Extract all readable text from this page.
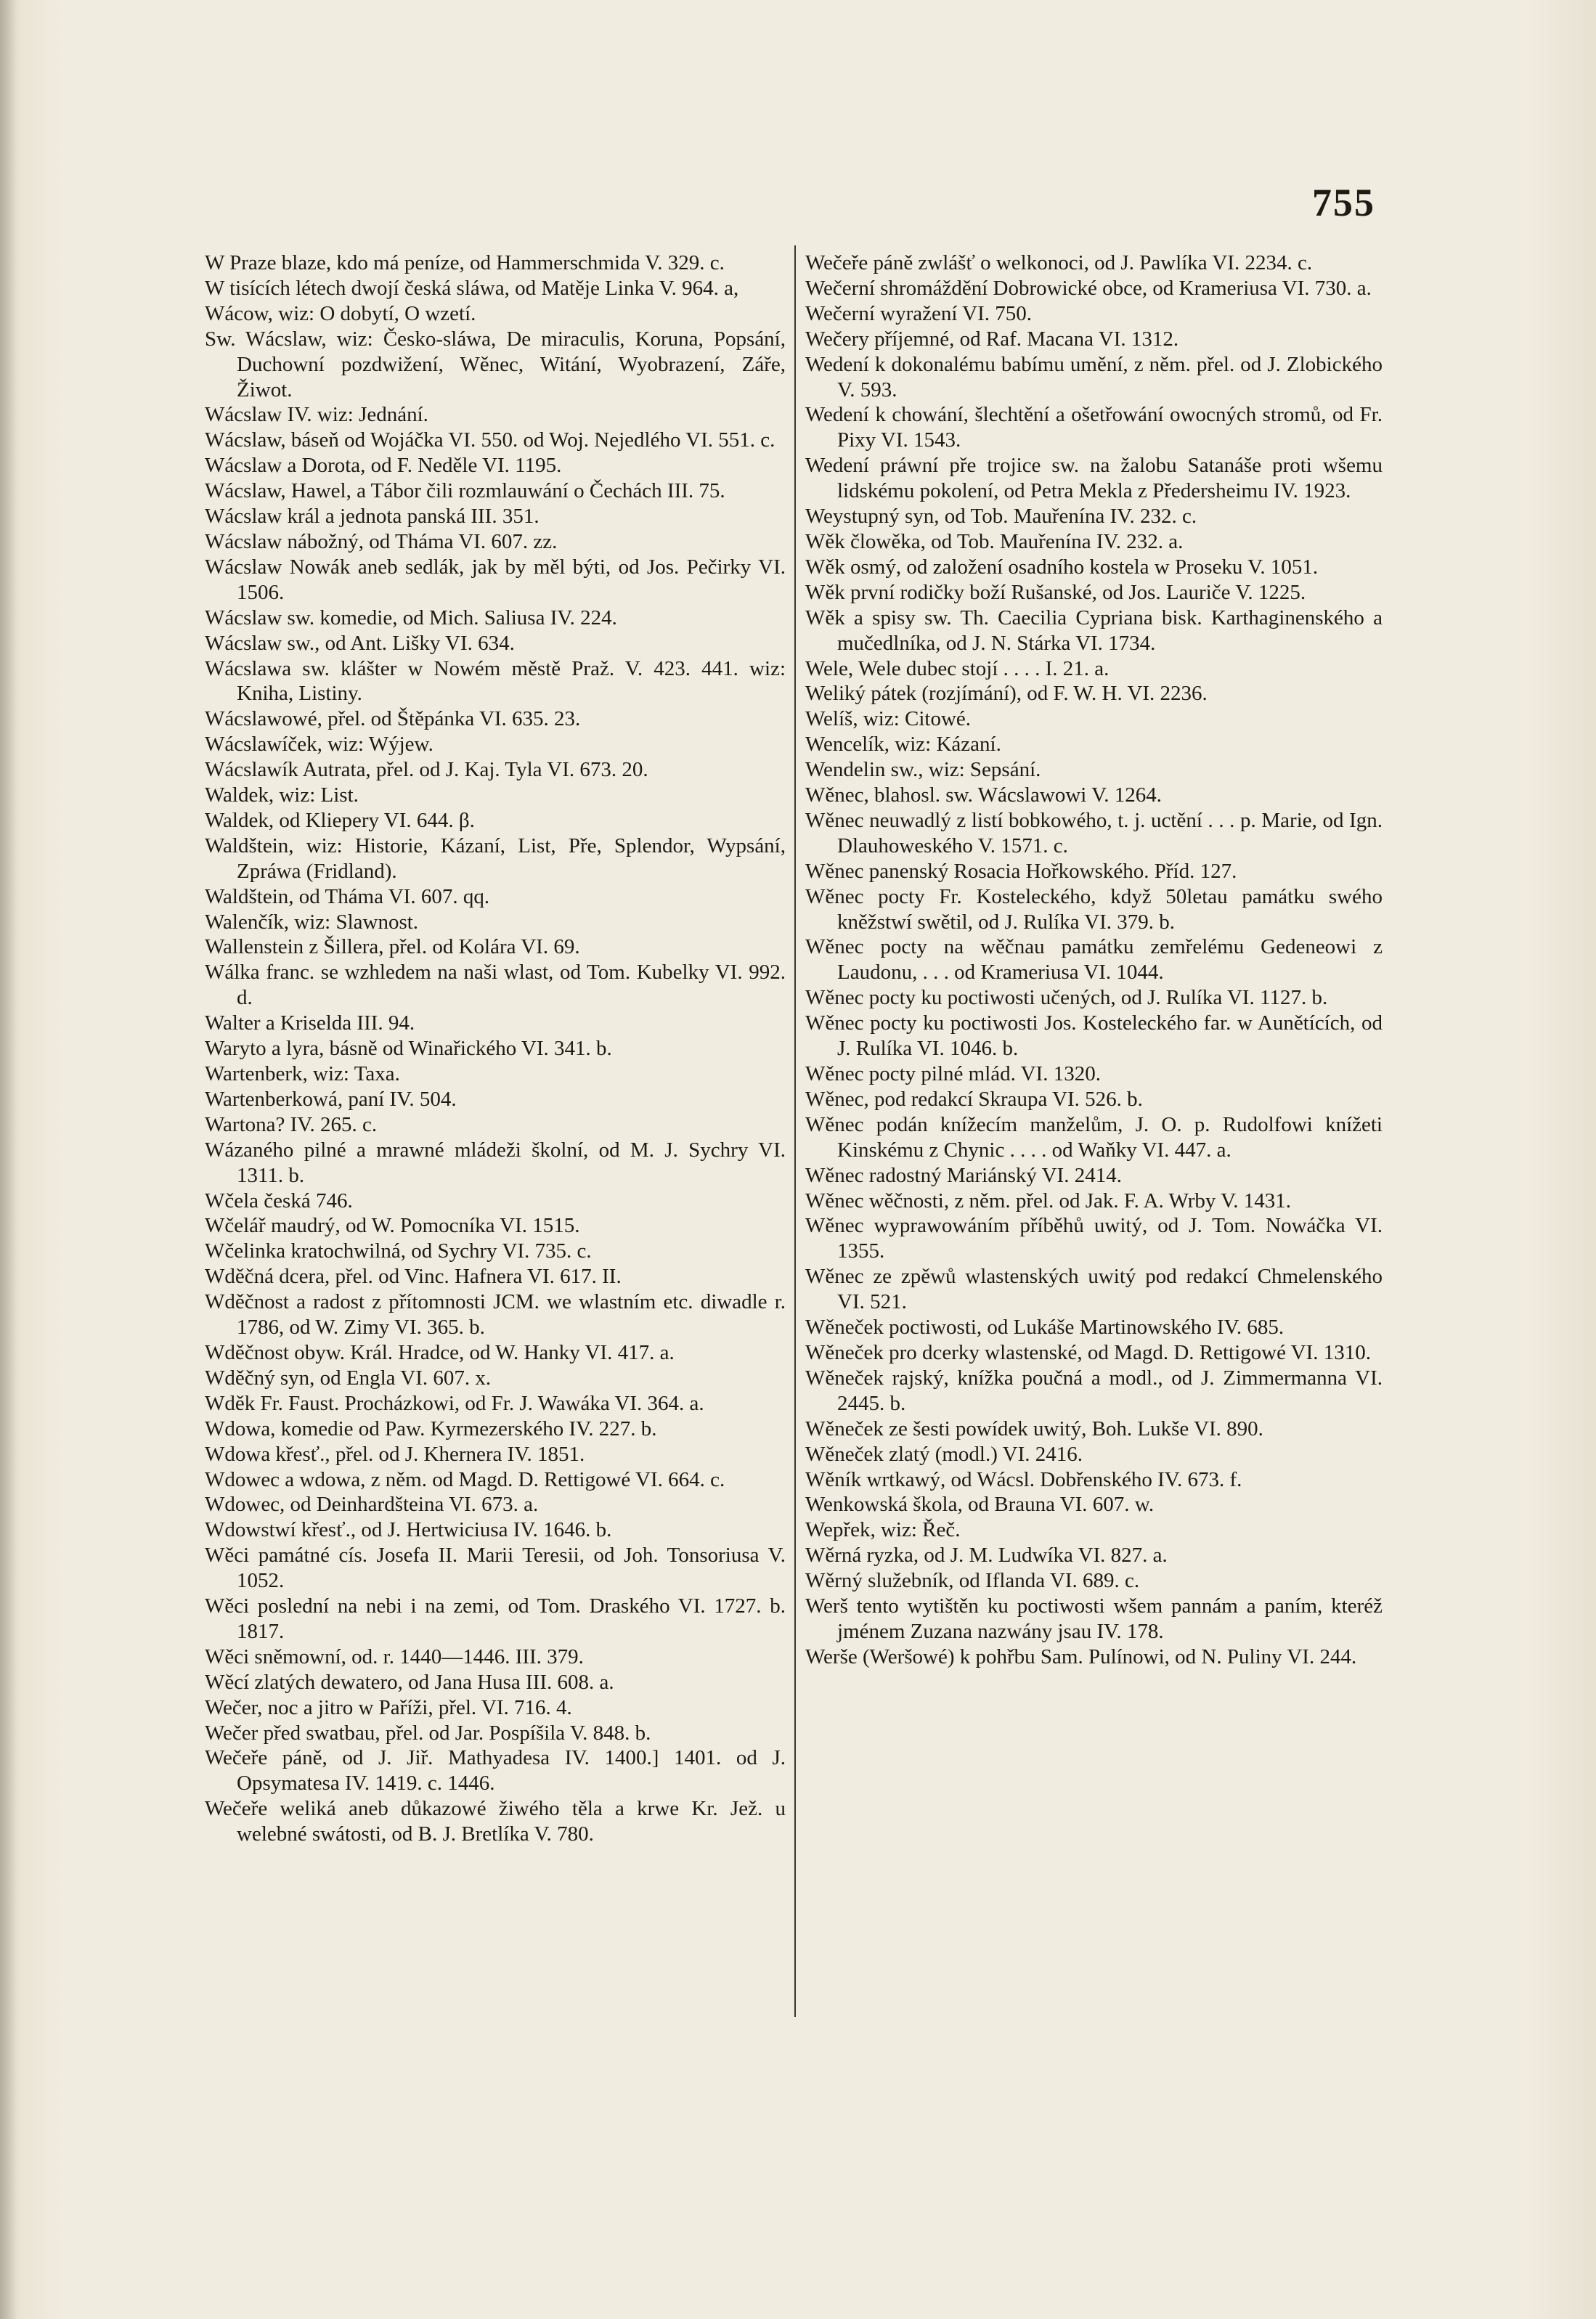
755
W Praze blaze, kdo má peníze, od Hammerschmida V. 329. c.
W tisících létech dwojí česká sláwa, od Matěje Linka V. 964. a,
Wácow, wiz: O dobytí, O wzetí.
Sw. Wácslaw, wiz: Česko-sláwa, De miraculis, Koruna, Popsání, Duchowní pozdwižení, Wěnec, Witání, Wyobrazení, Záře, Žiwot.
Wácslaw IV. wiz: Jednání.
Wácslaw, báseň od Wojáčka VI. 550. od Woj. Nejedlého VI. 551. c.
Wácslaw a Dorota, od F. Neděle VI. 1195.
Wácslaw, Hawel, a Tábor čili rozmlauwání o Čechách III. 75.
Wácslaw král a jednota panská III. 351.
Wácslaw nábožný, od Tháma VI. 607. zz.
Wácslaw Nowák aneb sedlák, jak by měl býti, od Jos. Pečirky VI. 1506.
Wácslaw sw. komedie, od Mich. Saliusa IV. 224.
Wácslaw sw., od Ant. Lišky VI. 634.
Wácslawa sw. klášter w Nowém městě Praž. V. 423. 441. wiz: Kniha, Listiny.
Wácslawowé, přel. od Štěpánka VI. 635. 23.
Wácslawíček, wiz: Wýjew.
Wácslawík Autrata, přel. od J. Kaj. Tyla VI. 673. 20.
Waldek, wiz: List.
Waldek, od Kliepery VI. 644. β.
Waldštein, wiz: Historie, Kázaní, List, Pře, Splendor, Wypsání, Zpráwa (Fridland).
Waldštein, od Tháma VI. 607. qq.
Walenčík, wiz: Slawnost.
Wallenstein z Šillera, přel. od Kolára VI. 69.
Wálka franc. se wzhledem na naši wlast, od Tom. Kubelky VI. 992. d.
Walter a Kriselda III. 94.
Waryto a lyra, básně od Winařického VI. 341. b.
Wartenberk, wiz: Taxa.
Wartenberkowá, paní IV. 504.
Wartona? IV. 265. c.
Wázaného pilné a mrawné mládeži školní, od M. J. Sychry VI. 1311. b.
Wčela česká 746.
Wčelář maudrý, od W. Pomocníka VI. 1515.
Wčelinka kratochwilná, od Sychry VI. 735. c.
Wděčná dcera, přel. od Vinc. Hafnera VI. 617. II.
Wděčnost a radost z přítomnosti JCM. we wlastním etc. diwadle r. 1786, od W. Zimy VI. 365. b.
Wděčnost obyw. Král. Hradce, od W. Hanky VI. 417. a.
Wděčný syn, od Engla VI. 607. x.
Wděk Fr. Faust. Procházkowi, od Fr. J. Wawáka VI. 364. a.
Wdowa, komedie od Paw. Kyrmezerského IV. 227. b.
Wdowa křesť., přel. od J. Khernera IV. 1851.
Wdowec a wdowa, z něm. od Magd. D. Rettigowé VI. 664. c.
Wdowec, od Deinhardšteina VI. 673. a.
Wdowstwí křesť., od J. Hertwiciusa IV. 1646. b.
Wěci památné cís. Josefa II. Marii Teresii, od Joh. Tonsoriusa V. 1052.
Wěci poslední na nebi i na zemi, od Tom. Draského VI. 1727. b. 1817.
Wěci sněmowní, od. r. 1440—1446. III. 379.
Wěcí zlatých dewatero, od Jana Husa III. 608. a.
Wečer, noc a jitro w Paříži, přel. VI. 716. 4.
Wečer před swatbau, přel. od Jar. Pospíšila V. 848. b.
Wečeře páně, od J. Jiř. Mathyadesa IV. 1400.] 1401. od J. Opsymatesa IV. 1419. c. 1446.
Wečeře weliká aneb důkazowé žiwého těla a krwe Kr. Jež. u welebné swátosti, od B. J. Bretlíka V. 780.
Wečeře páně zwlášť o welkonoci, od J. Pawlíka VI. 2234. c.
Wečerní shromáždění Dobrowické obce, od Krameriusa VI. 730. a.
Wečerní wyražení VI. 750.
Wečery příjemné, od Raf. Macana VI. 1312.
Wedení k dokonalému babímu umění, z něm. přel. od J. Zlobického V. 593.
Wedení k chowání, šlechtění a ošetřowání owocných stromů, od Fr. Pixy VI. 1543.
Wedení práwní pře trojice sw. na žalobu Satanáše proti wšemu lidskému pokolení, od Petra Mekla z Předersheimu IV. 1923.
Weystupný syn, od Tob. Mauřenína IV. 232. c.
Wěk člowěka, od Tob. Mauřenína IV. 232. a.
Wěk osmý, od založení osadního kostela w Proseku V. 1051.
Wěk první rodičky boží Rušanské, od Jos. Lauriče V. 1225.
Wěk a spisy sw. Th. Caecilia Cypriana bisk. Karthaginenského a mučedlníka, od J. N. Stárka VI. 1734.
Wele, Wele dubec stojí . . . . I. 21. a.
Weliký pátek (rozjímání), od F. W. H. VI. 2236.
Welíš, wiz: Citowé.
Wencelík, wiz: Kázaní.
Wendelin sw., wiz: Sepsání.
Wěnec, blahosl. sw. Wácslawowi V. 1264.
Wěnec neuwadlý z listí bobkowého, t. j. uctění . . . p. Marie, od Ign. Dlauhoweského V. 1571. c.
Wěnec panenský Rosacia Hořkowského. Příd. 127.
Wěnec pocty Fr. Kosteleckého, když 50letau památku swého kněžstwí swětil, od J. Rulíka VI. 379. b.
Wěnec pocty na wěčnau památku zemřelému Gedeneowi z Laudonu, . . . od Krameriusa VI. 1044.
Wěnec pocty ku poctiwosti učených, od J. Rulíka VI. 1127. b.
Wěnec pocty ku poctiwosti Jos. Kosteleckého far. w Aunětících, od J. Rulíka VI. 1046. b.
Wěnec pocty pilné mlád. VI. 1320.
Wěnec, pod redakcí Skraupa VI. 526. b.
Wěnec podán knížecím manželům, J. O. p. Rudolfowi knížeti Kinskému z Chynic . . . . od Waňky VI. 447. a.
Wěnec radostný Mariánský VI. 2414.
Wěnec wěčnosti, z něm. přel. od Jak. F. A. Wrby V. 1431.
Wěnec wyprawowáním příběhů uwitý, od J. Tom. Nowáčka VI. 1355.
Wěnec ze zpěwů wlastenských uwitý pod redakcí Chmelenského VI. 521.
Wěneček poctiwosti, od Lukáše Martinowského IV. 685.
Wěneček pro dcerky wlastenské, od Magd. D. Rettigowé VI. 1310.
Wěneček rajský, knížka poučná a modl., od J. Zimmermanna VI. 2445. b.
Wěneček ze šesti powídek uwitý, Boh. Lukše VI. 890.
Wěneček zlatý (modl.) VI. 2416.
Wěník wrtkawý, od Wácsl. Dobřenského IV. 673. f.
Wenkowská škola, od Brauna VI. 607. w.
Wepřek, wiz: Řeč.
Wěrná ryzka, od J. M. Ludwíka VI. 827. a.
Wěrný služebník, od Iflanda VI. 689. c.
Werš tento wytištěn ku poctiwosti wšem pannám a paním, kteréž jménem Zuzana nazwány jsau IV. 178.
Werše (Weršowé) k pohřbu Sam. Pulínowi, od N. Puliny VI. 244.
